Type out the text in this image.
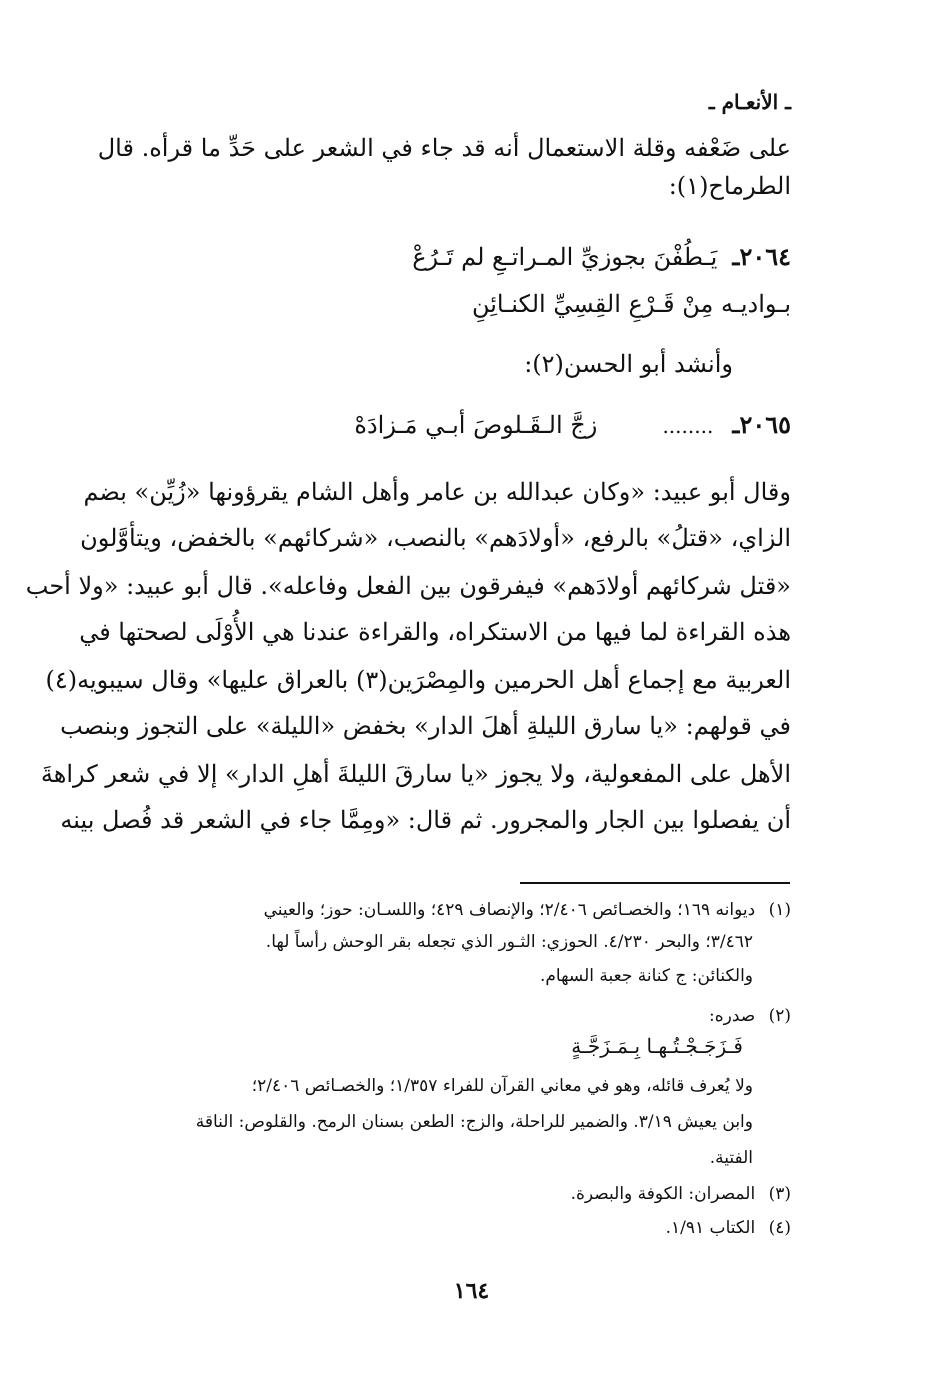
ـ الأنعـام ـ
على ضَعْفه وقلة الاستعمال أنه قد جاء في الشعر على حَدِّ ما قرأه. قال
الطرماح(١):
٢٠٦٤ـ يَـطُفْنَ بجوزيِّ المـراتـعِ لم تَـرُعْ
بـواديـه مِنْ قَـرْعِ القِسِيِّ الكنـائِنِ
وأنشد أبو الحسن(٢):
٢٠٦٥ـ ........ زجَّ الـقَـلوصَ أبـي مَـزادَهْ
وقال أبو عبيد: «وكان عبدالله بن عامر وأهل الشام يقرؤونها «زُيِّن» بضم
الزاي، «قتلُ» بالرفع، «أولادَهم» بالنصب، «شركائهم» بالخفض، ويتأوَّلون
«قتل شركائهم أولادَهم» فيفرقون بين الفعل وفاعله». قال أبو عبيد: «ولا أحب
هذه القراءة لما فيها من الاستكراه، والقراءة عندنا هي الأُوْلَى لصحتها في
العربية مع إجماع أهل الحرمين والمِصْرَين(٣) بالعراق عليها» وقال سيبويه(٤)
في قولهم: «يا سارق الليلةِ أهلَ الدار» بخفض «الليلة» على التجوز وبنصب
الأهل على المفعولية، ولا يجوز «يا سارقَ الليلةَ أهلِ الدار» إلا في شعر كراهةَ
أن يفصلوا بين الجار والمجرور. ثم قال: «ومِمَّا جاء في الشعر قد فُصل بينه
(١) ديوانه ١٦٩؛ والخصـائص ٢/٤٠٦؛ والإنصاف ٤٢٩؛ واللسـان: حوز؛ والعيني
٣/٤٦٢؛ والبحر ٤/٢٣٠. الحوزي: الثـور الذي تجعله بقر الوحش رأساً لها.
والكنائن: ج كنانة جعبة السهام.
(٢) صدره:
فَـزَجَـجْـتُـهـا بِـمَـزَجَّـةٍ
ولا يُعرف قائله، وهو في معاني القرآن للفراء ١/٣٥٧؛ والخصـائص ٢/٤٠٦؛
وابن يعيش ٣/١٩. والضمير للراحلة، والزج: الطعن بسنان الرمح. والقلوص: الناقة
الفتية.
(٣) المصران: الكوفة والبصرة.
(٤) الكتاب ١/٩١.
١٦٤
